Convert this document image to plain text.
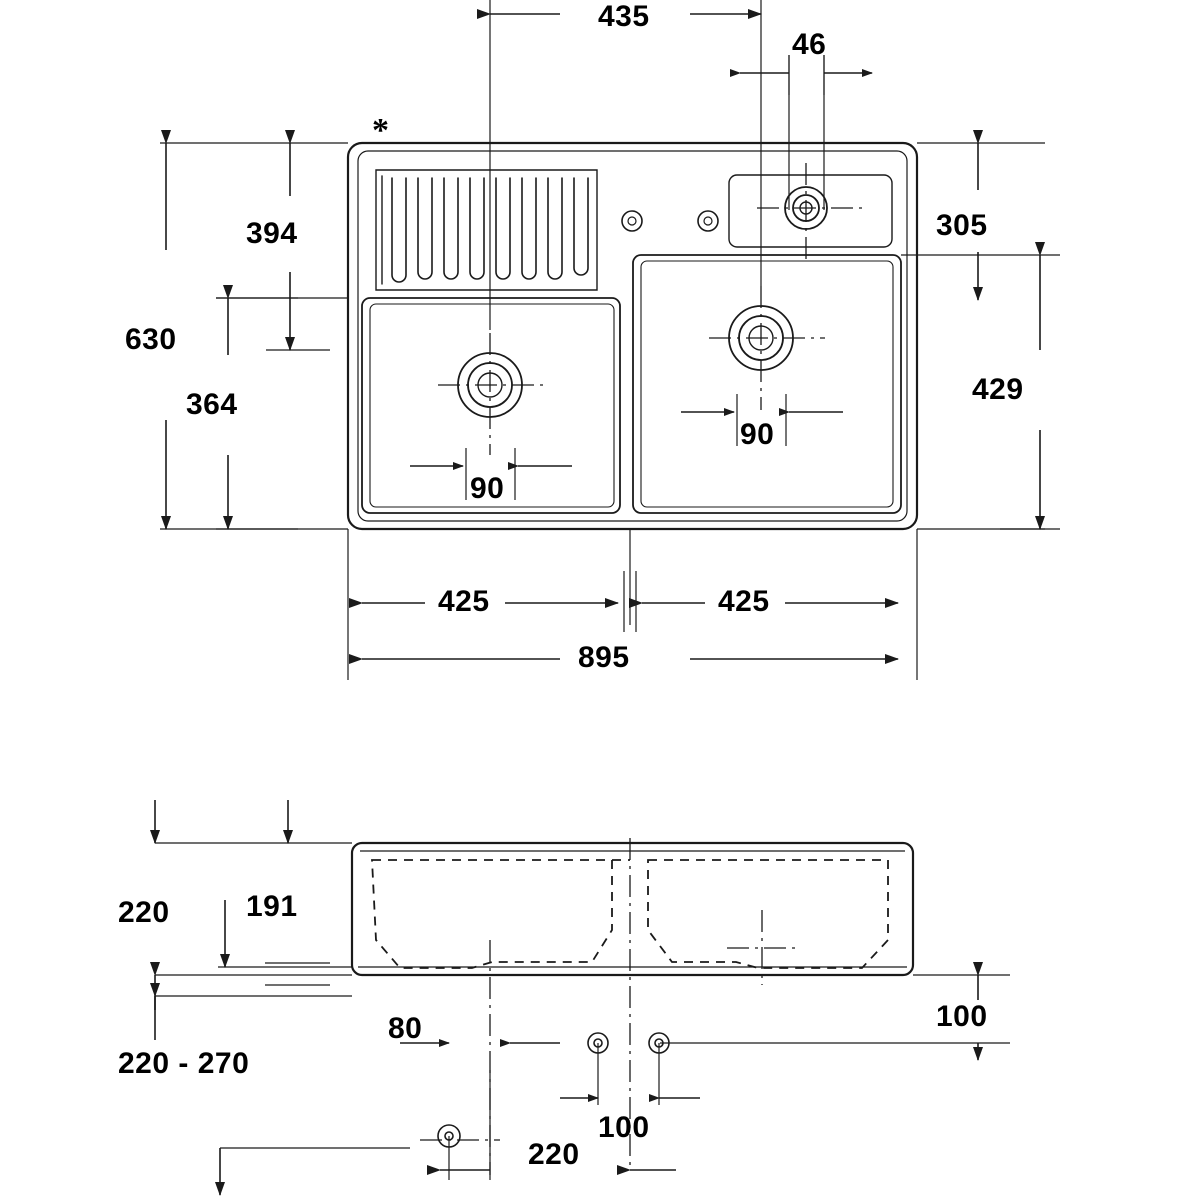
*
435
46
394
630
364
305
429
90
90
425	425
895
220	191
100
220 - 270
80
100
220
